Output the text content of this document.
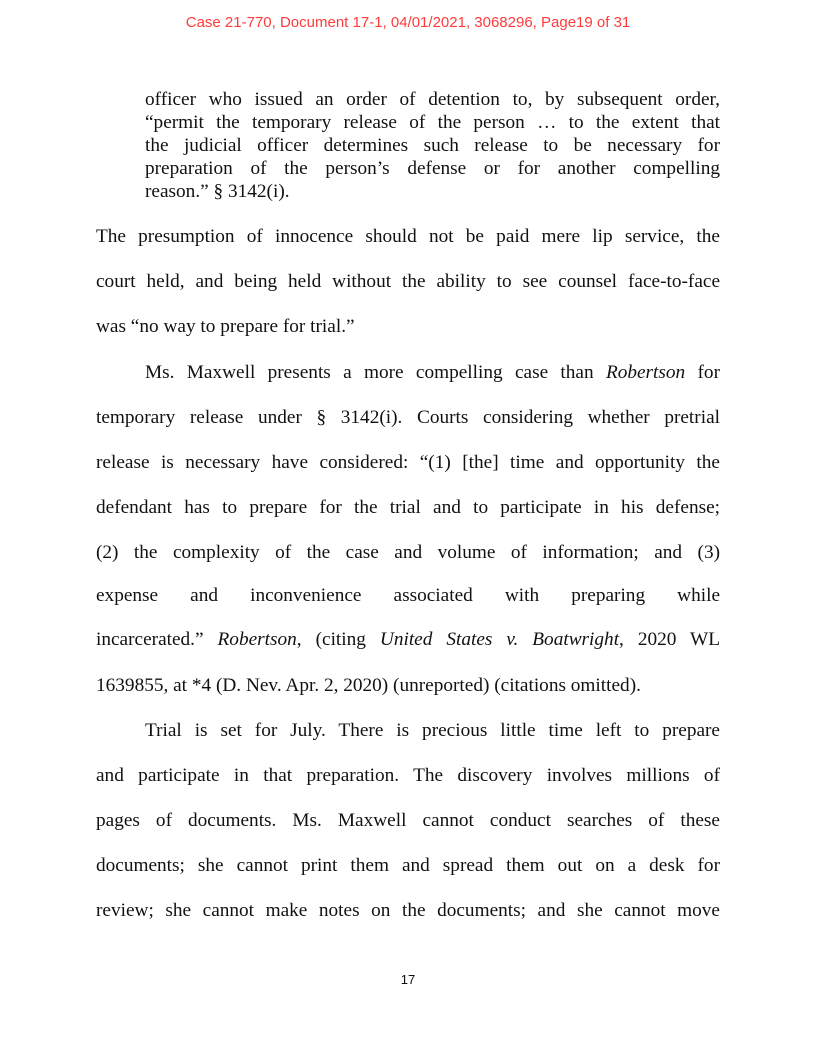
Case 21-770, Document 17-1, 04/01/2021, 3068296, Page19 of 31
officer who issued an order of detention to, by subsequent order,
“permit the temporary release of the person … to the extent that
the judicial officer determines such release to be necessary for
preparation of the person’s defense or for another compelling
reason.” § 3142(i).
The presumption of innocence should not be paid mere lip service, the
court held, and being held without the ability to see counsel face-to-face
was “no way to prepare for trial.”
Ms. Maxwell presents a more compelling case than Robertson for
temporary release under § 3142(i). Courts considering whether pretrial
release is necessary have considered: “(1) [the] time and opportunity the
defendant has to prepare for the trial and to participate in his defense;
(2) the complexity of the case and volume of information; and (3)
expense and inconvenience associated with preparing while
incarcerated.” Robertson, (citing United States v. Boatwright, 2020 WL
1639855, at *4 (D. Nev. Apr. 2, 2020) (unreported) (citations omitted).
Trial is set for July. There is precious little time left to prepare
and participate in that preparation. The discovery involves millions of
pages of documents. Ms. Maxwell cannot conduct searches of these
documents; she cannot print them and spread them out on a desk for
review; she cannot make notes on the documents; and she cannot move
17
